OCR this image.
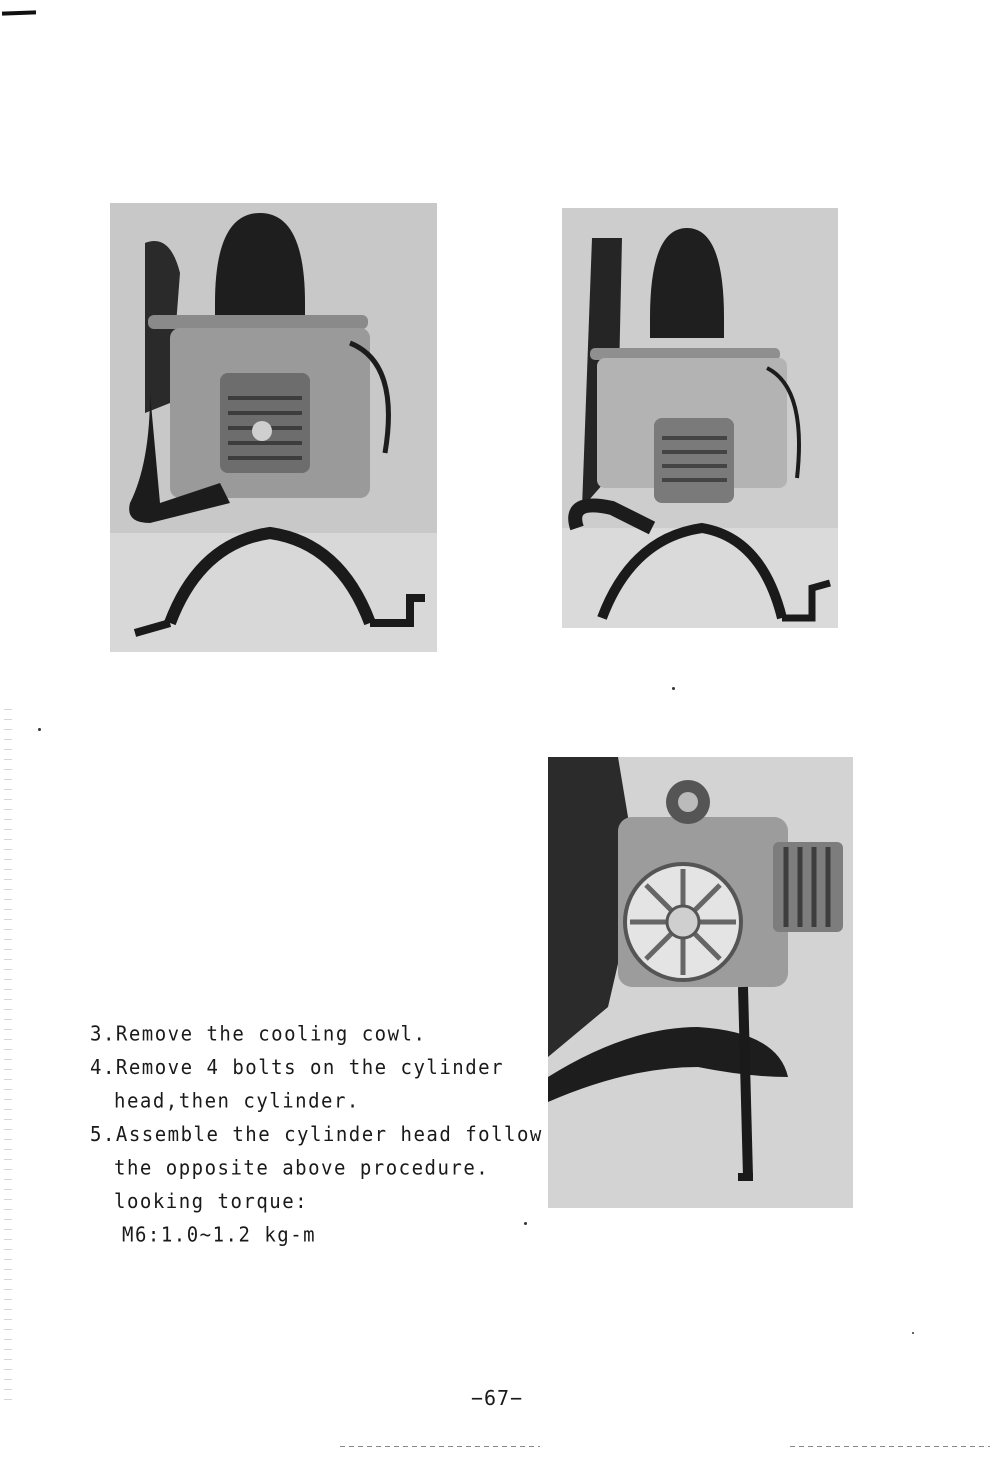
3.Remove the cooling cowl.
4.Remove 4 bolts on the cylinder
head,then cylinder.
5.Assemble the cylinder head follow
the opposite above procedure.
looking torque:
M6:1.0~1.2 kg-m
−67−
